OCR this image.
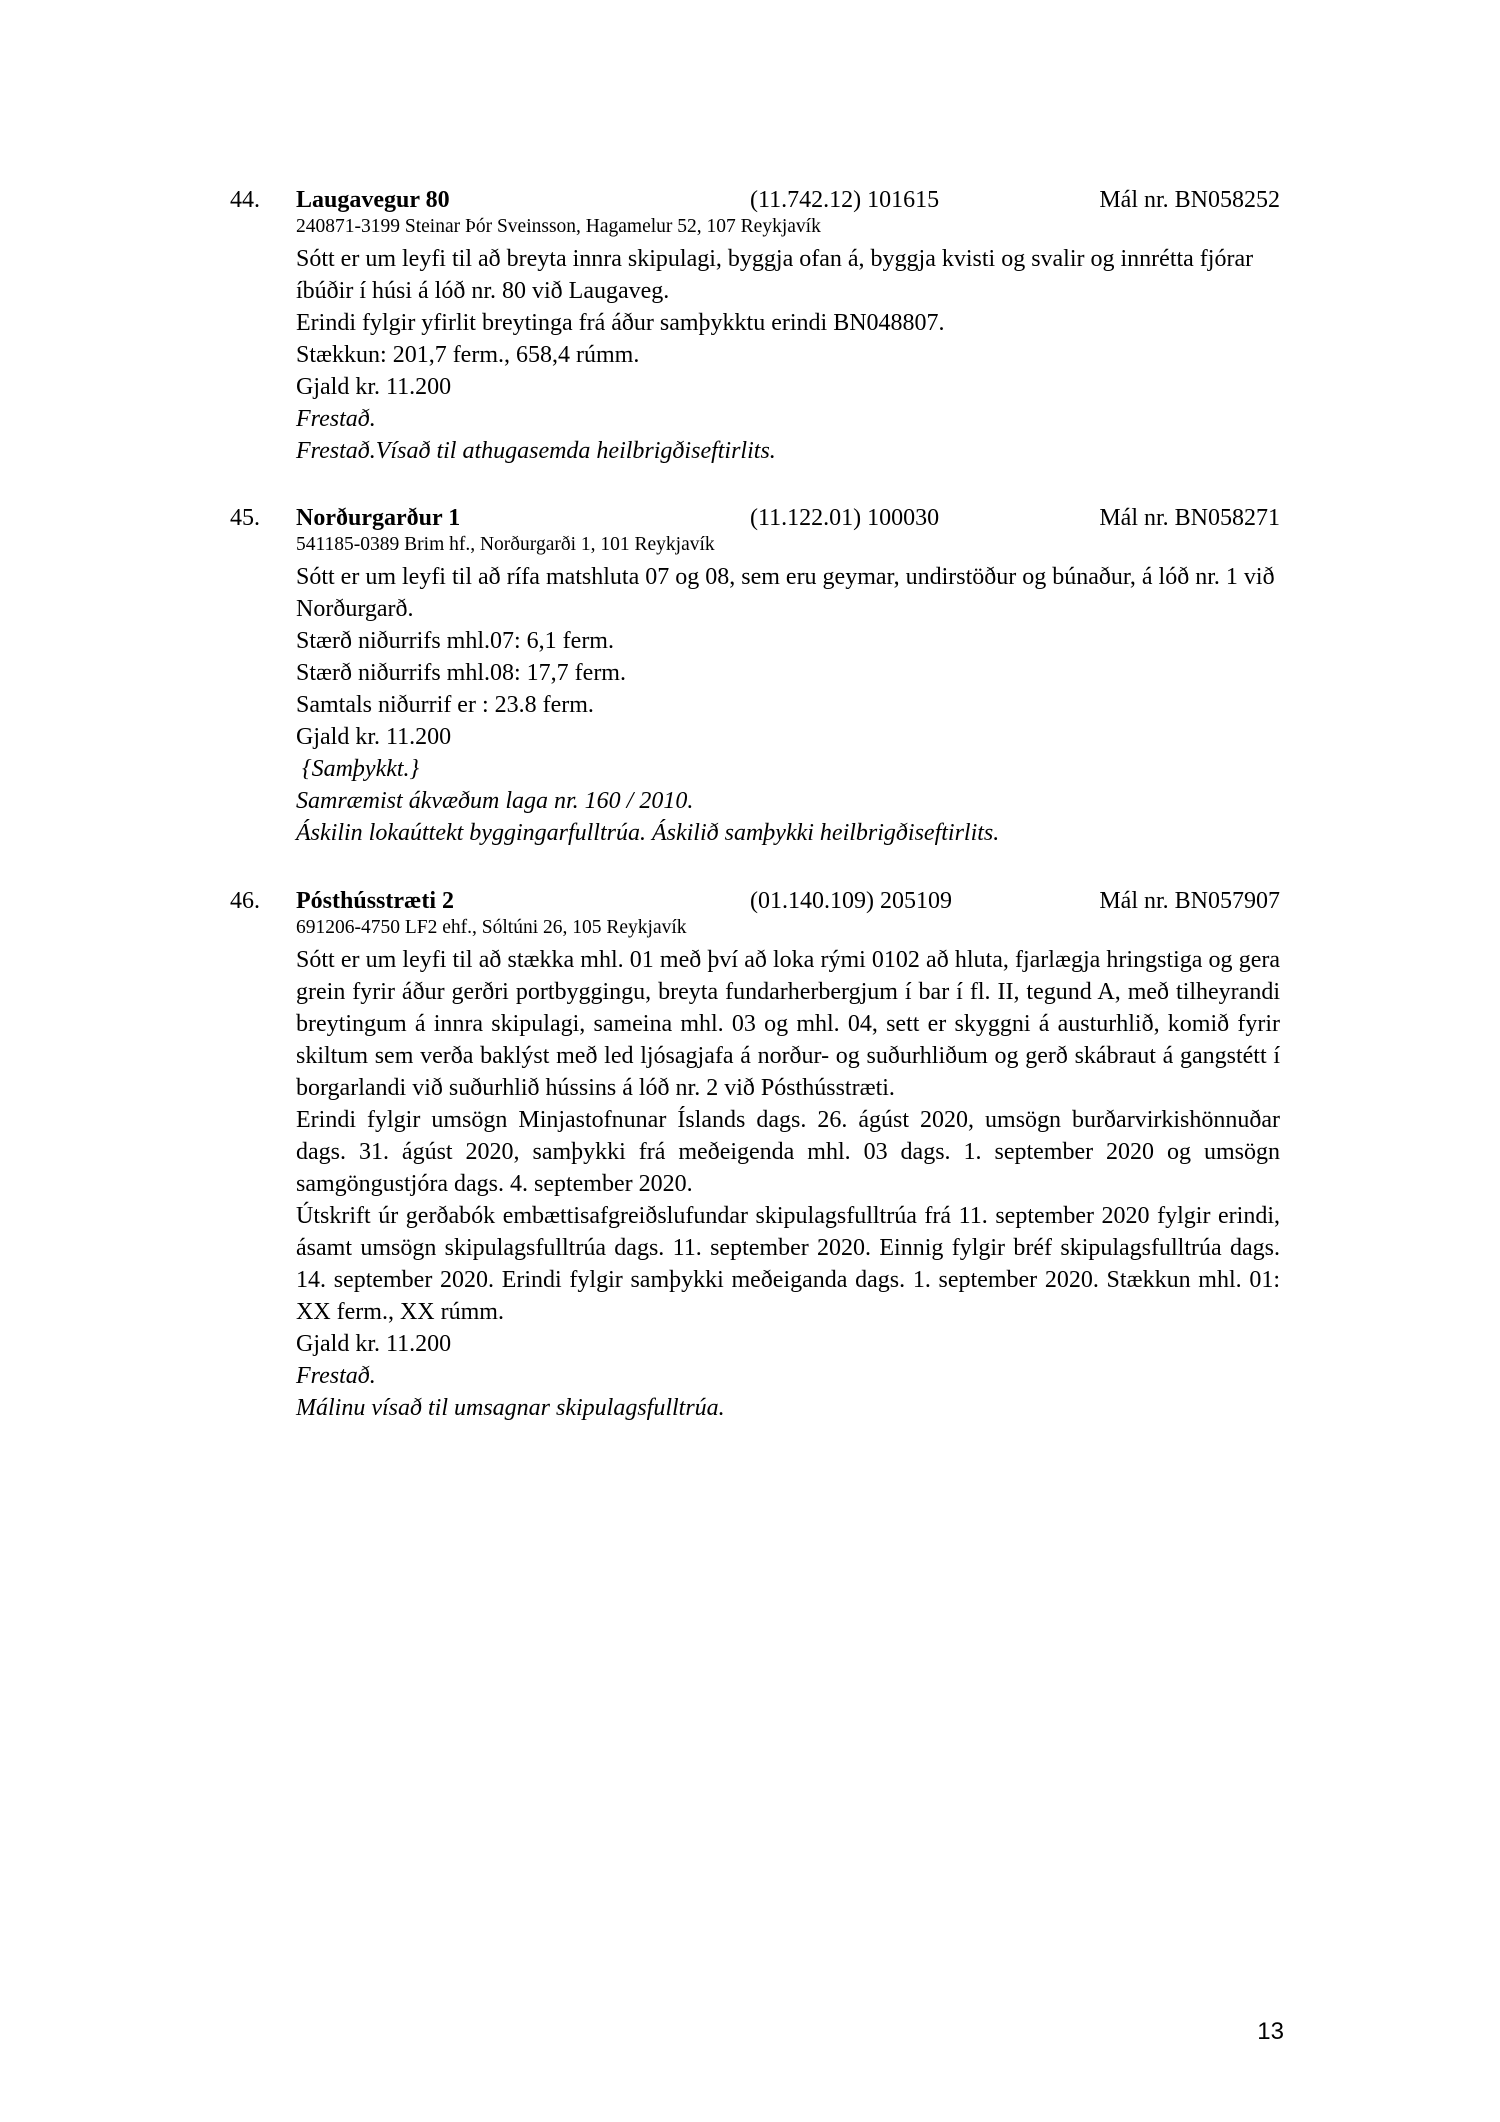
44. Laugavegur 80	(11.742.12) 101615	Mál nr. BN058252
240871-3199 Steinar Þór Sveinsson, Hagamelur 52, 107 Reykjavík

Sótt er um leyfi til að breyta innra skipulagi, byggja ofan á, byggja kvisti og svalir og innrétta fjórar íbúðir í húsi á lóð nr. 80 við Laugaveg.

Erindi fylgir yfirlit breytinga frá áður samþykktu erindi BN048807.

Stækkun: 201,7 ferm., 658,4 rúmm.

Gjald kr. 11.200

Frestað.

Frestað.Vísað til athugasemda heilbrigðiseftirlits.

45. Norðurgarður 1	(11.122.01) 100030	Mál nr. BN058271
541185-0389 Brim hf., Norðurgarði 1, 101 Reykjavík

Sótt er um leyfi til að rífa matshluta 07 og 08, sem eru geymar, undirstöður og búnaður, á lóð nr. 1 við Norðurgarð.

Stærð niðurrifs mhl.07: 6,1 ferm.

Stærð niðurrifs mhl.08: 17,7 ferm.

Samtals niðurrif er : 23.8 ferm.

Gjald kr. 11.200

{Samþykkt.}

Samræmist ákvæðum laga nr. 160 / 2010.

Áskilin lokaúttekt byggingarfulltrúa. Áskilið samþykki heilbrigðiseftirlits.

46. Pósthússtræti 2	(01.140.109) 205109	Mál nr. BN057907
691206-4750 LF2 ehf., Sóltúni 26, 105 Reykjavík

Sótt er um leyfi til að stækka mhl. 01 með því að loka rými 0102 að hluta, fjarlægja hringstiga og gera grein fyrir áður gerðri portbyggingu, breyta fundarherbergjum í bar í fl. II, tegund A, með tilheyrandi breytingum á innra skipulagi, sameina mhl. 03 og mhl. 04, sett er skyggni á austurhlið, komið fyrir skiltum sem verða baklýst með led ljósagjafa á norður- og suðurhliðum og gerð skábraut á gangstétt í borgarlandi við suðurhlið hússins á lóð nr. 2 við Pósthússtræti.

Erindi fylgir umsögn Minjastofnunar Íslands dags. 26. ágúst 2020, umsögn burðarvirkishönnuðar dags. 31. ágúst 2020, samþykki frá meðeigenda mhl. 03 dags. 1. september 2020 og umsögn samgöngustjóra dags. 4. september 2020.

Útskrift úr gerðabók embættisafgreiðslufundar skipulagsfulltrúa frá 11. september 2020 fylgir erindi, ásamt umsögn skipulagsfulltrúa dags. 11. september 2020. Einnig fylgir bréf skipulagsfulltrúa dags. 14. september 2020. Erindi fylgir samþykki meðeiganda dags. 1. september 2020. Stækkun mhl. 01: XX ferm., XX rúmm.

Gjald kr. 11.200

Frestað.

Málinu vísað til umsagnar skipulagsfulltrúa.

13
